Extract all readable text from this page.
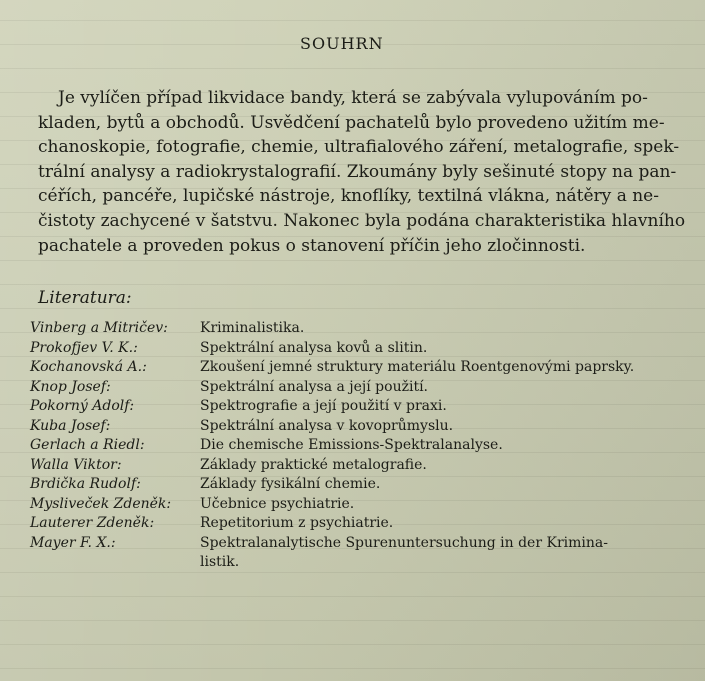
SOUHRN
Je vylíčen případ likvidace bandy, která se zabývala vylupováním po-
kladen, bytů a obchodů. Usvědčení pachatelů bylo provedeno užitím me-
chanoskopie, fotografie, chemie, ultrafialového záření, metalografie, spek-
trální analysy a radiokrystalografií. Zkoumány byly sešinuté stopy na pan-
céřích, pancéře, lupičské nástroje, knoflíky, textilná vlákna, nátěry a ne-
čistoty zachycené v šatstvu. Nakonec byla podána charakteristika hlavního
pachatele a proveden pokus o stanovení příčin jeho zločinnosti.
Literatura:
Vinberg a Mitričev: Kriminalistika.
Prokofjev V. K.:	Spektrální analysa kovů a slitin.
Kochanovská A.:	Zkoušení jemné struktury materiálu Roentgenovými paprsky.
Knop Josef:	Spektrální analysa a její použití.
Pokorný Adolf:	Spektrografie a její použití v praxi.
Kuba Josef:	Spektrální analysa v kovoprůmyslu.
Gerlach a Riedl:	Die chemische Emissions-Spektralanalyse.
Walla Viktor:	Základy praktické metalografie.
Brdička Rudolf:	Základy fysikální chemie.
Mysliveček Zdeněk: Učebnice psychiatrie.
Lauterer Zdeněk:	Repetitorium z psychiatrie.
Mayer F. X.:	Spektralanalytische Spurenuntersuchung in der Krimina-
listik.
